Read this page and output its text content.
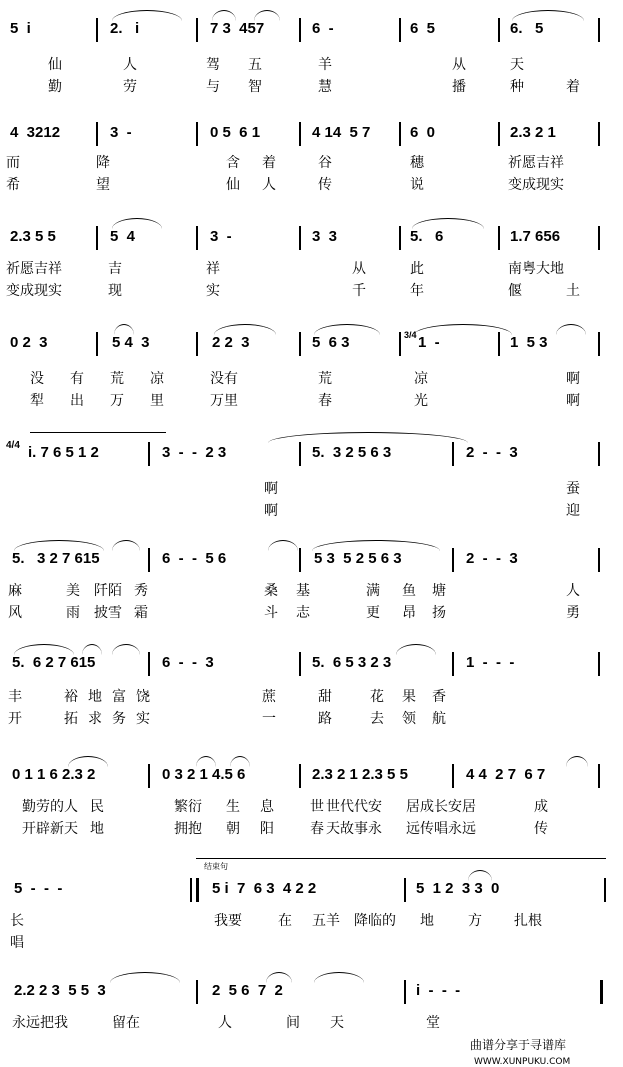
5  i	2.   i	7 3  457	6  -	6  5	6.   5
仙	人	驾 五	羊	从	天
勤	劳	与 智	慧	播	种	着
4  3212	3  -	0 5  6 1	4 14  5 7	6  0	2.3 2 1
而	降	含 着	谷	穗	祈愿吉祥
希	望	仙 人	传	说	变成现实
2.3 5 5	5  4	3  -	3  3	5.   6	1.7 656
祈愿吉祥	吉	祥	从	此	南粤大地
变成现实	现	实	千	年	偃	土
0 2  3	5 4  3	2 2  3	5  6 3	3/4 1  -	1  5 3
没 有 荒 凉	没有	荒	凉	啊
犁 出 万 里	万里	春	光	啊
4/4 i. 7 6 5 1 2	3  -  -  2 3	5.  3 2 5 6 3	2  -  -  3
啊	蚕
啊	迎
5.   3 2 7 615	6  -  -  5 6	5 3  5 2 5 6 3	2  -  -  3
麻	美 阡陌 秀	桑 基	满 鱼 塘	人
风	雨 披雪 霜	斗 志	更 昂 扬	勇
5.  6 2 7 615	6  -  -  3	5.  6 5 3 2 3	1  -  -  -
丰	裕 地 富 饶	蔗	甜	花 果 香
开	拓 求 务 实	一	路	去 领 航
0 1 1 6 2.3 2	0 3 2 1 4.5 6	2.3 2 1 2.3 5 5	4 4  2 7  6 7
勤劳的人 民	繁衍 生 息	世 世代代安 居成长安居	成
开辟新天 地	拥抱 朝 阳	春 天故事永 远传唱永远	传
结束句
5  -  -  -	5 i  7  6 3  4 2 2	5  1 2  3 3  0
长	我要	在 五羊 降临的 地 方 扎根
唱
2.2 2 3  5 5  3	2  5 6  7  2	i  -  -  -
永远把我	留在	人	间 天	堂
曲谱分享于寻谱库
WWW.XUNPUKU.COM
